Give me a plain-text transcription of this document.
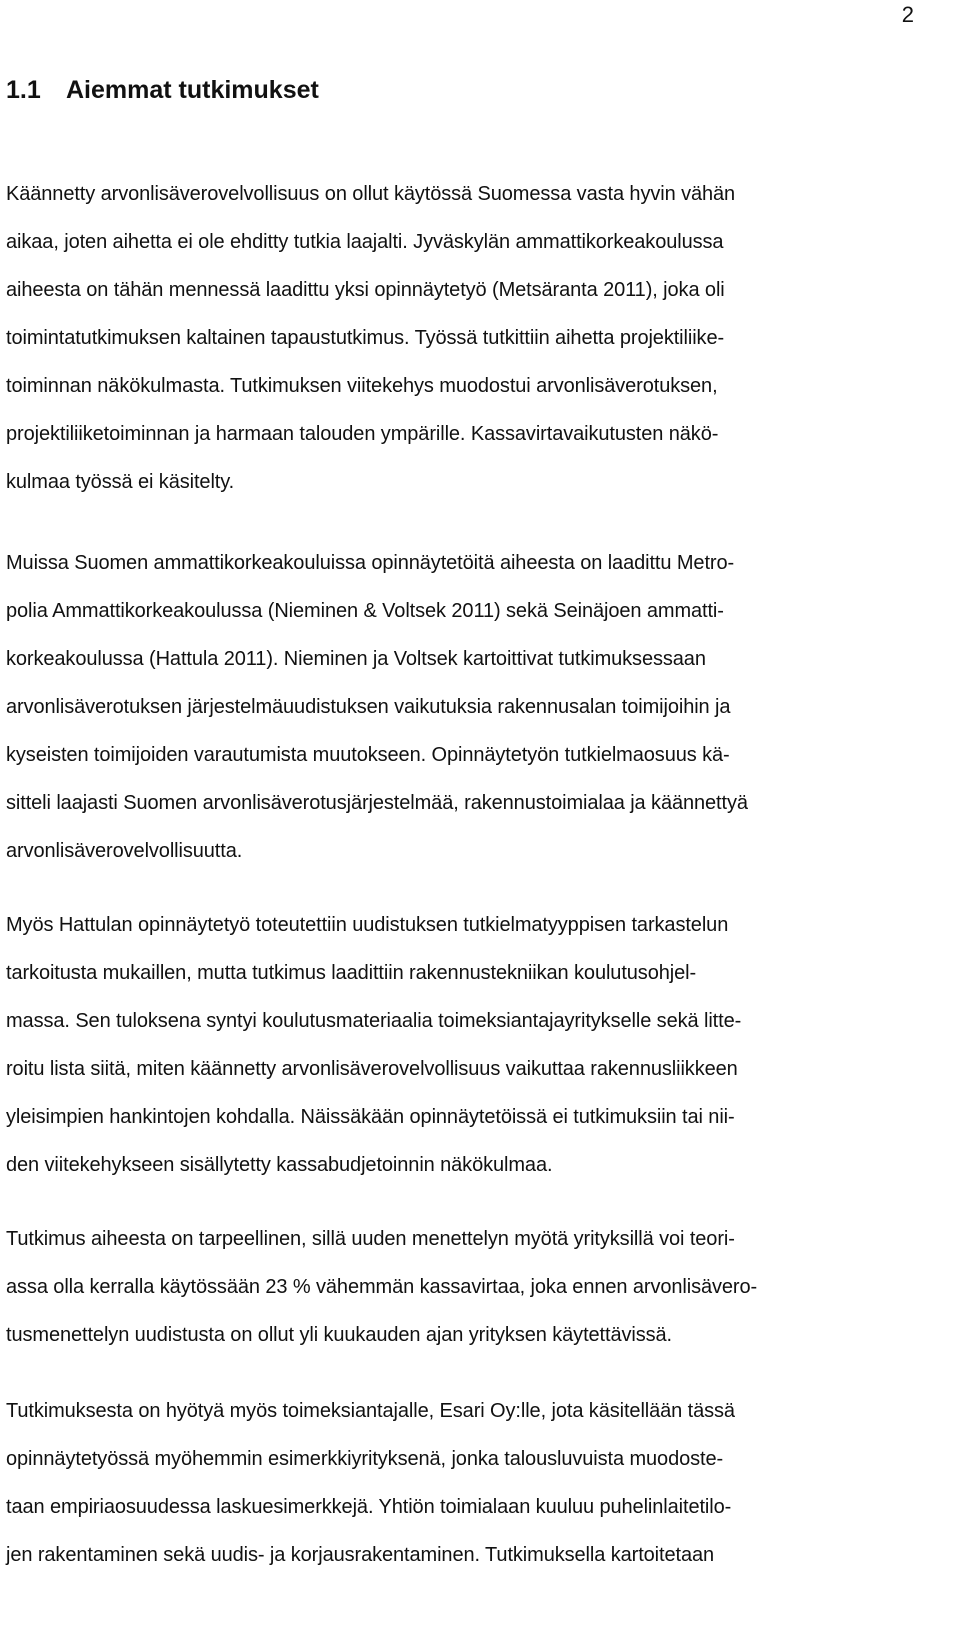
2
1.1 Aiemmat tutkimukset
Käännetty arvonlisäverovelvollisuus on ollut käytössä Suomessa vasta hyvin vähän
aikaa, joten aihetta ei ole ehditty tutkia laajalti. Jyväskylän ammattikorkeakoulussa
aiheesta on tähän mennessä laadittu yksi opinnäytetyö (Metsäranta 2011), joka oli
toimintatutkimuksen kaltainen tapaustutkimus. Työssä tutkittiin aihetta projektiliike-
toiminnan näkökulmasta. Tutkimuksen viitekehys muodostui arvonlisäverotuksen,
projektiliiketoiminnan ja harmaan talouden ympärille. Kassavirtavaikutusten näkö-
kulmaa työssä ei käsitelty.
Muissa Suomen ammattikorkeakouluissa opinnäytetöitä aiheesta on laadittu Metro-
polia Ammattikorkeakoulussa (Nieminen & Voltsek 2011) sekä Seinäjoen ammatti-
korkeakoulussa (Hattula 2011). Nieminen ja Voltsek kartoittivat tutkimuksessaan
arvonlisäverotuksen järjestelmäuudistuksen vaikutuksia rakennusalan toimijoihin ja
kyseisten toimijoiden varautumista muutokseen. Opinnäytetyön tutkielmaosuus kä-
sitteli laajasti Suomen arvonlisäverotusjärjestelmää, rakennustoimialaa ja käännettyä
arvonlisäverovelvollisuutta.
Myös Hattulan opinnäytetyö toteutettiin uudistuksen tutkielmatyyppisen tarkastelun
tarkoitusta mukaillen, mutta tutkimus laadittiin rakennustekniikan koulutusohjel-
massa. Sen tuloksena syntyi koulutusmateriaalia toimeksiantajayritykselle sekä litte-
roitu lista siitä, miten käännetty arvonlisäverovelvollisuus vaikuttaa rakennusliikkeen
yleisimpien hankintojen kohdalla. Näissäkään opinnäytetöissä ei tutkimuksiin tai nii-
den viitekehykseen sisällytetty kassabudjetoinnin näkökulmaa.
Tutkimus aiheesta on tarpeellinen, sillä uuden menettelyn myötä yrityksillä voi teori-
assa olla kerralla käytössään 23 % vähemmän kassavirtaa, joka ennen arvonlisävero-
tusmenettelyn uudistusta on ollut yli kuukauden ajan yrityksen käytettävissä.
Tutkimuksesta on hyötyä myös toimeksiantajalle, Esari Oy:lle, jota käsitellään tässä
opinnäytetyössä myöhemmin esimerkkiyrityksenä, jonka talousluvuista muodoste-
taan empiriaosuudessa laskuesimerkkejä. Yhtiön toimialaan kuuluu puhelinlaitetilo-
jen rakentaminen sekä uudis- ja korjausrakentaminen. Tutkimuksella kartoitetaan
